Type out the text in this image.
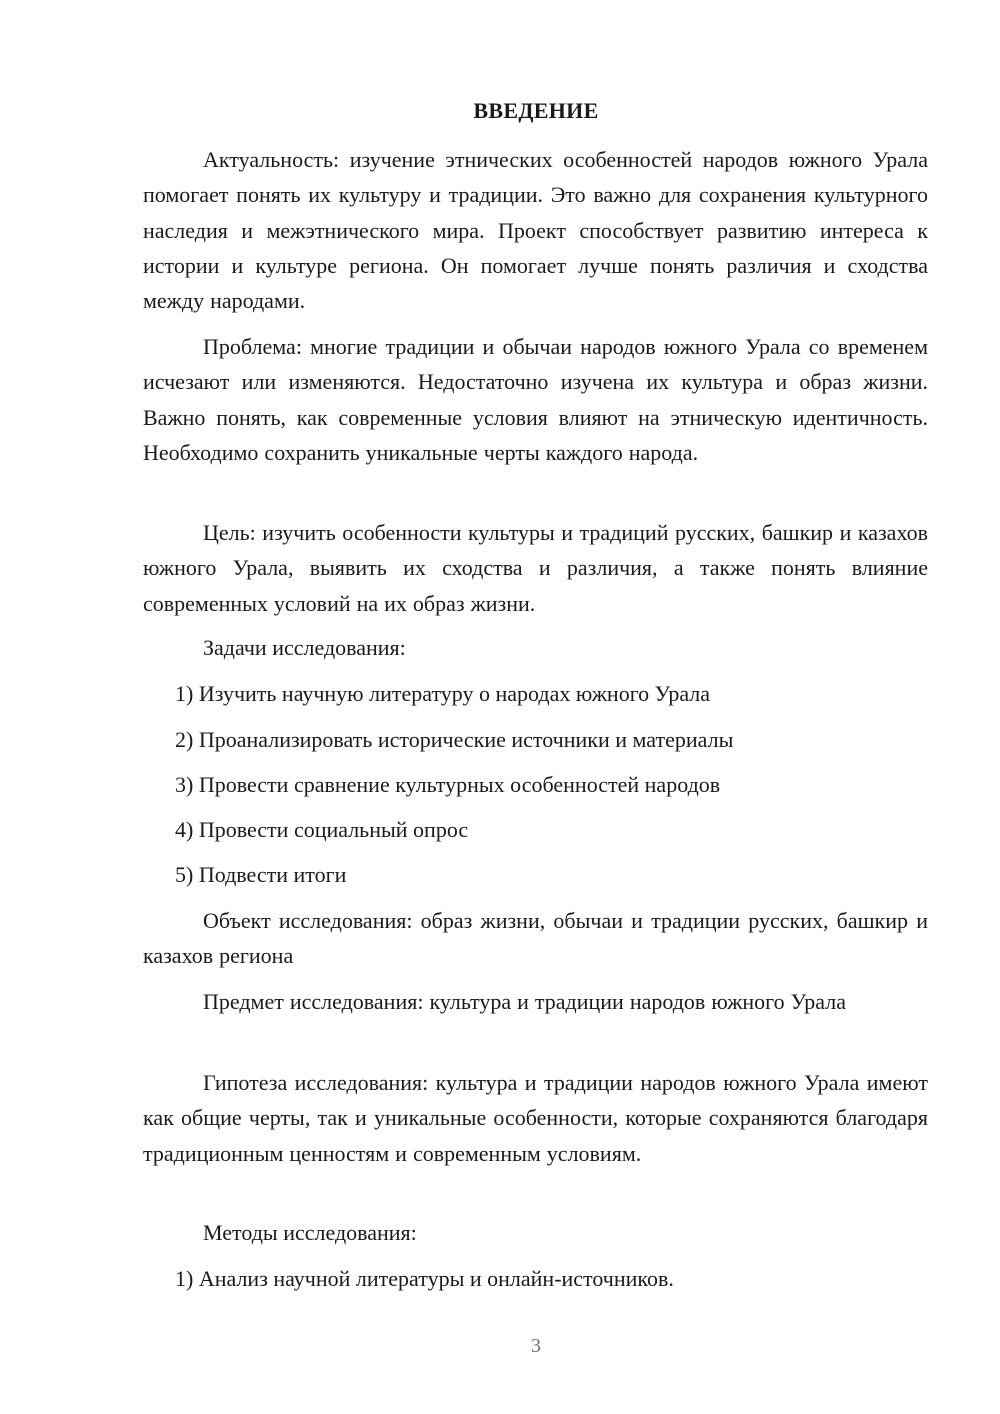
ВВЕДЕНИЕ

Актуальность: изучение этнических особенностей народов южного Урала помогает понять их культуру и традиции. Это важно для сохранения культурного наследия и межэтнического мира. Проект способствует развитию интереса к истории и культуре региона. Он помогает лучше понять различия и сходства между народами.

Проблема: многие традиции и обычаи народов южного Урала со временем исчезают или изменяются. Недостаточно изучена их культура и образ жизни. Важно понять, как современные условия влияют на этническую идентичность. Необходимо сохранить уникальные черты каждого народа.

Цель: изучить особенности культуры и традиций русских, башкир и казахов южного Урала, выявить их сходства и различия, а также понять влияние современных условий на их образ жизни.

Задачи исследования:

1) Изучить научную литературу о народах южного Урала

2) Проанализировать исторические источники и материалы

3) Провести сравнение культурных особенностей народов

4) Провести социальный опрос

5) Подвести итоги

Объект исследования: образ жизни, обычаи и традиции русских, башкир и казахов региона

Предмет исследования: культура и традиции народов южного Урала

Гипотеза исследования: культура и традиции народов южного Урала имеют как общие черты, так и уникальные особенности, которые сохраняются благодаря традиционным ценностям и современным условиям.

Методы исследования:

1) Анализ научной литературы и онлайн-источников.

3
